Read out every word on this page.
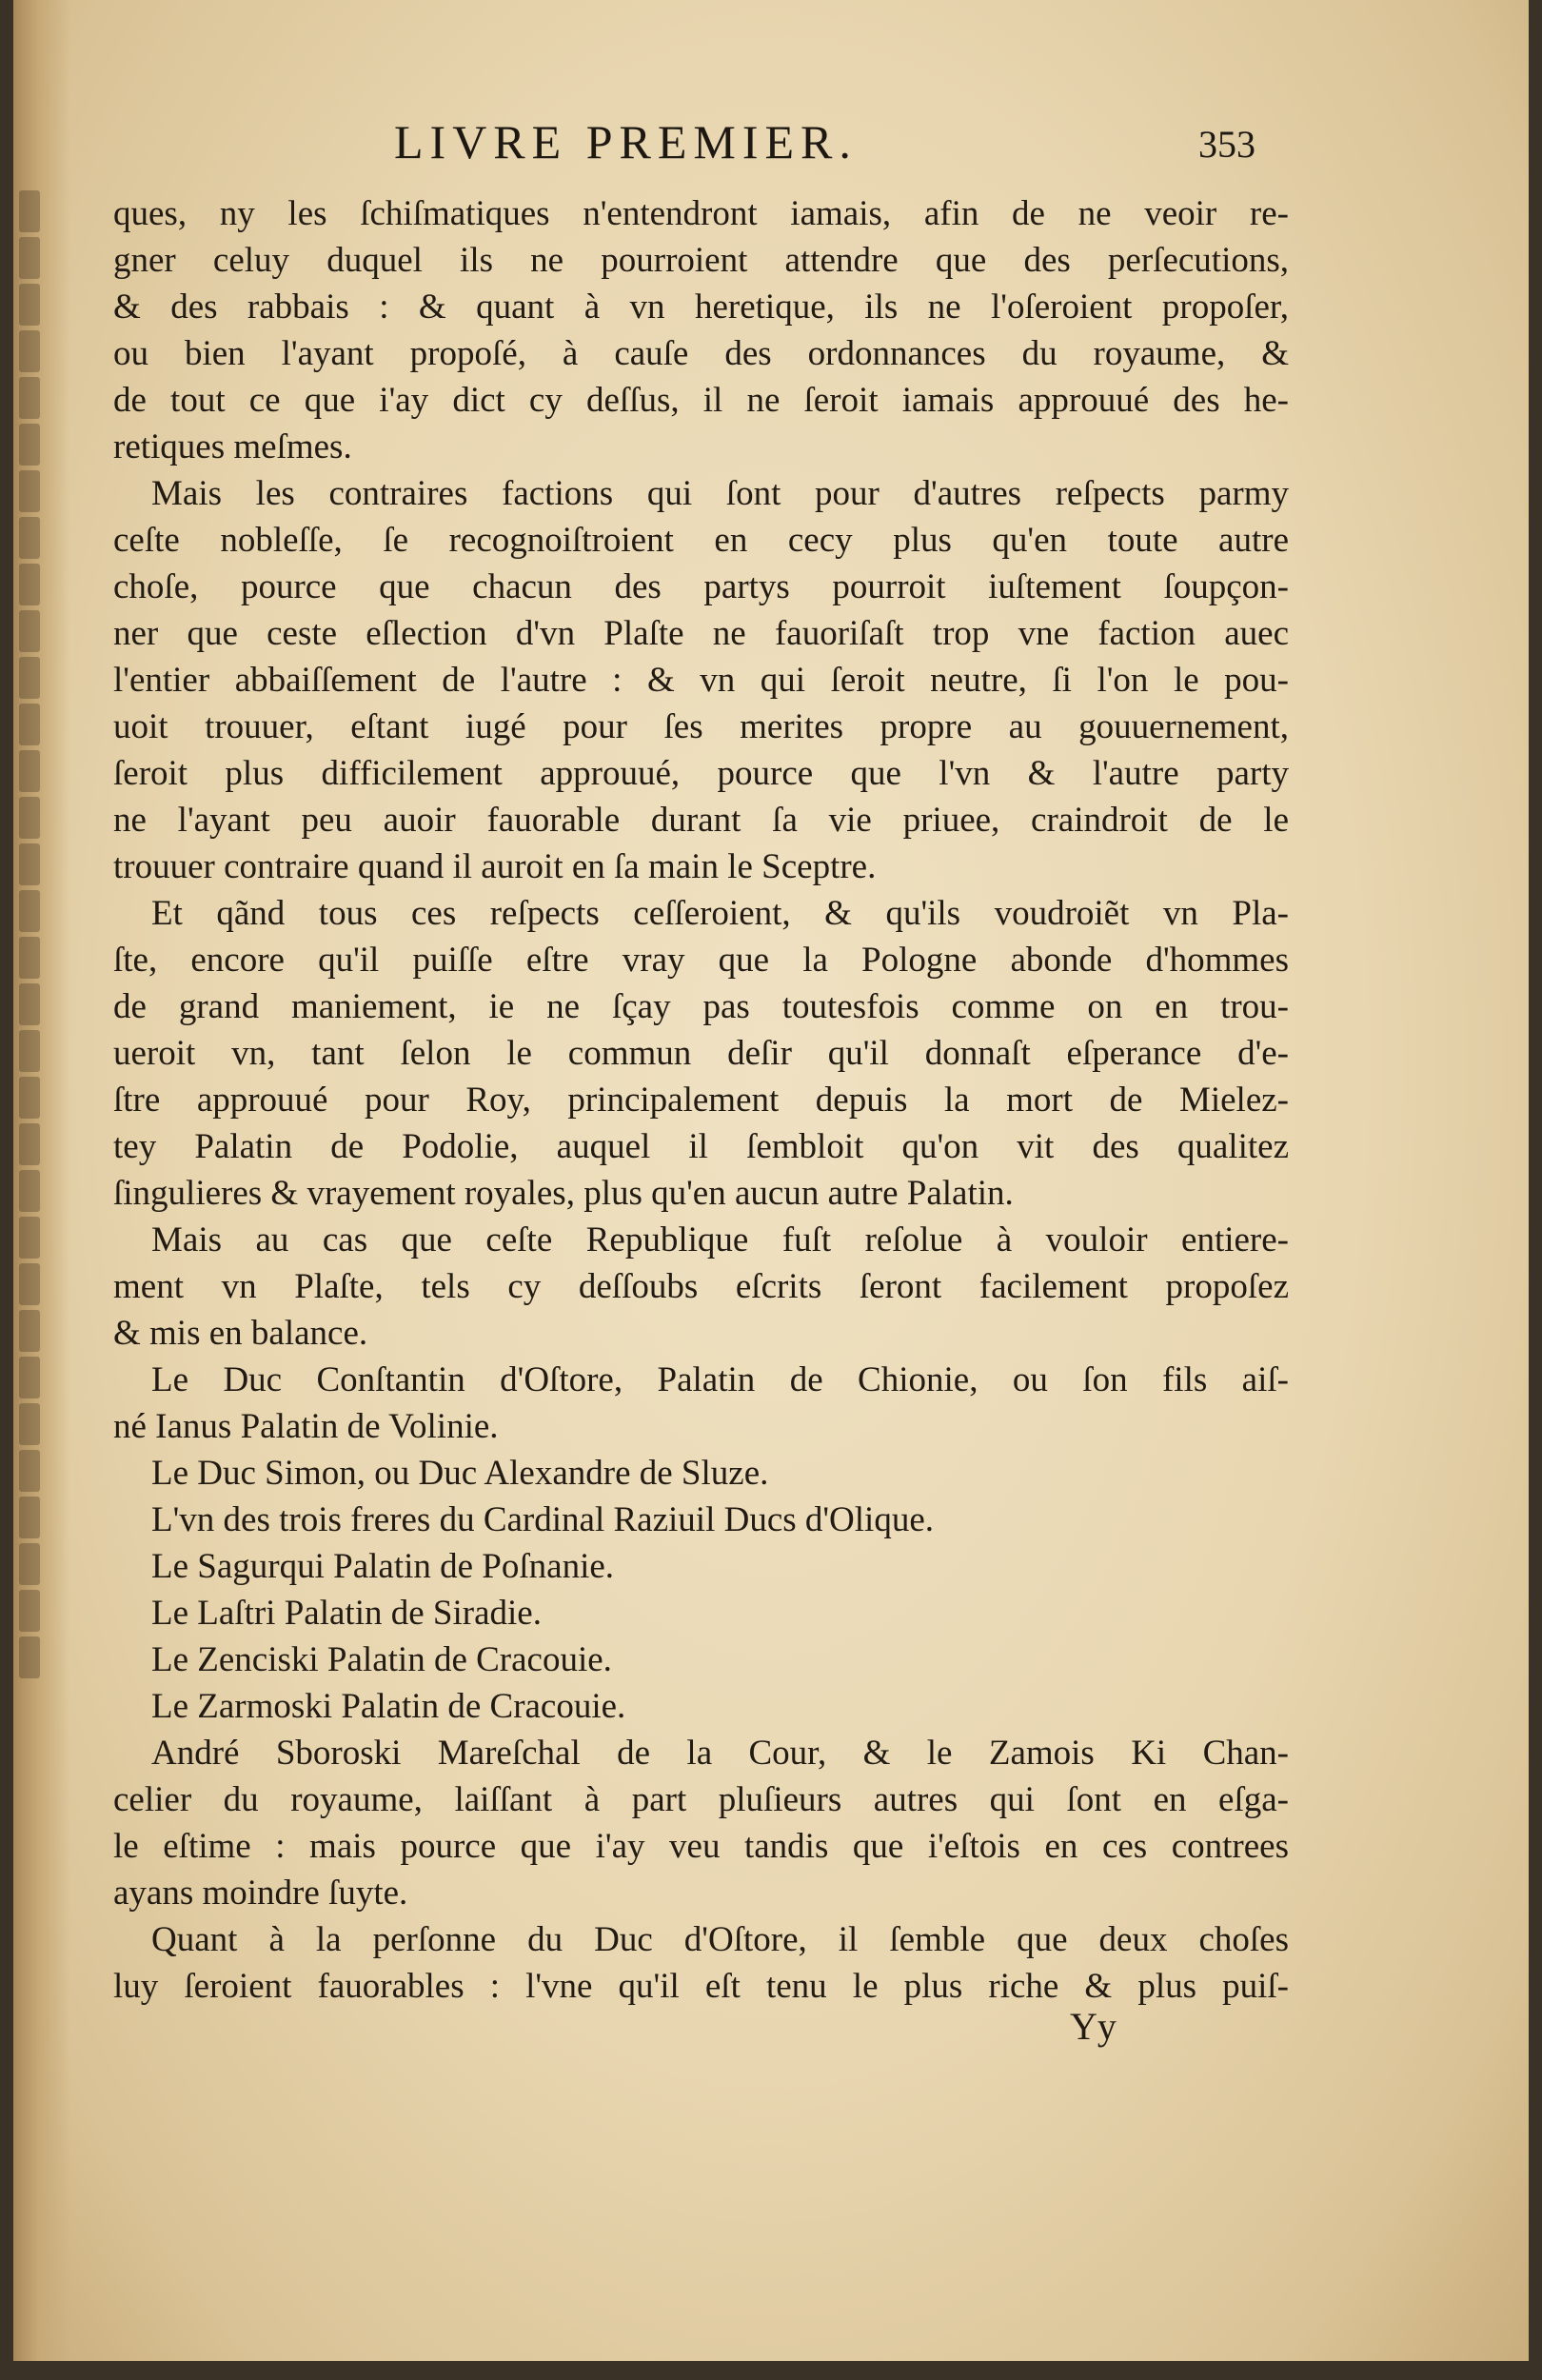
LIVRE PREMIER.	353
ques, ny les ſchiſmatiques n'entendront iamais, afin de ne veoir re-
gner celuy duquel ils ne pourroient attendre que des perſecutions,
& des rabbais : & quant à vn heretique, ils ne l'oſeroient propoſer,
ou bien l'ayant propoſé, à cauſe des ordonnances du royaume, &
de tout ce que i'ay dict cy deſſus, il ne ſeroit iamais approuué des he-
retiques meſmes.
Mais les contraires factions qui ſont pour d'autres reſpects parmy
ceſte nobleſſe, ſe recognoiſtroient en cecy plus qu'en toute autre
choſe, pource que chacun des partys pourroit iuſtement ſoupçon-
ner que ceste eſlection d'vn Plaſte ne fauoriſaſt trop vne faction auec
l'entier abbaiſſement de l'autre : & vn qui ſeroit neutre, ſi l'on le pou-
uoit trouuer, eſtant iugé pour ſes merites propre au gouuernement,
ſeroit plus difficilement approuué, pource que l'vn & l'autre party
ne l'ayant peu auoir fauorable durant ſa vie priuee, craindroit de le
trouuer contraire quand il auroit en ſa main le Sceptre.
Et qãnd tous ces reſpects ceſſeroient, & qu'ils voudroiẽt vn Pla-
ſte, encore qu'il puiſſe eſtre vray que la Pologne abonde d'hommes
de grand maniement, ie ne ſçay pas toutesfois comme on en trou-
ueroit vn, tant ſelon le commun deſir qu'il donnaſt eſperance d'e-
ſtre approuué pour Roy, principalement depuis la mort de Mielez-
tey Palatin de Podolie, auquel il ſembloit qu'on vit des qualitez
ſingulieres & vrayement royales, plus qu'en aucun autre Palatin.
Mais au cas que ceſte Republique fuſt reſolue à vouloir entiere-
ment vn Plaſte, tels cy deſſoubs eſcrits ſeront facilement propoſez
& mis en balance.
Le Duc Conſtantin d'Oſtore, Palatin de Chionie, ou ſon fils aiſ-
né Ianus Palatin de Volinie.
Le Duc Simon, ou Duc Alexandre de Sluze.
L'vn des trois freres du Cardinal Raziuil Ducs d'Olique.
Le Sagurqui Palatin de Poſnanie.
Le Laſtri Palatin de Siradie.
Le Zenciski Palatin de Cracouie.
Le Zarmoski Palatin de Cracouie.
André Sboroski Mareſchal de la Cour, & le Zamois Ki Chan-
celier du royaume, laiſſant à part pluſieurs autres qui ſont en eſga-
le eſtime : mais pource que i'ay veu tandis que i'eſtois en ces contrees
ayans moindre ſuyte.
Quant à la perſonne du Duc d'Oſtore, il ſemble que deux choſes
luy ſeroient fauorables : l'vne qu'il eſt tenu le plus riche & plus puiſ-
Yy
